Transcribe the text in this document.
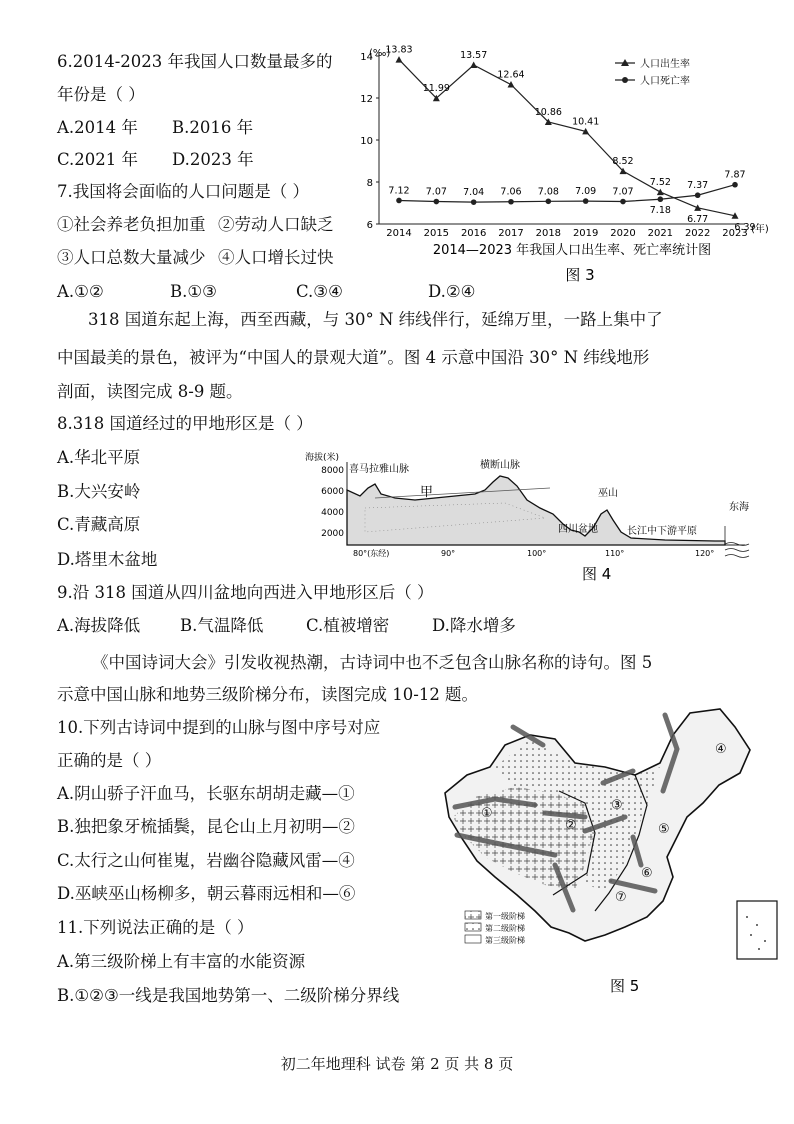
6.2014-2023 年我国人口数量最多的
年份是（ ）
A.2014 年 B.2016 年
C.2021 年 D.2023 年
7.我国将会面临的人口问题是（ ）
①社会养老负担加重 ②劳动人口缺乏
③人口总数大量减少 ④人口增长过快
A.①②	B.①③	C.③④	D.②④
6
8
10
12
14
2014 2015 2016 2017 2018 2019 2020 2021 2022 2023
13.83
11.99
13.57
12.64
10.86
10.41
8.52
7.52
6.77
6.39
7.12 7.07 7.04 7.06 7.08 7.09 7.07
7.18
7.37
7.87
(‰)
(年)
人口出生率
人口死亡率
2014—2023 年我国人口出生率、死亡率统计图
图 3
318 国道东起上海，西至西藏，与 30° N 纬线伴行，延绵万里，一路上集中了
中国最美的景色，被评为“中国人的景观大道”。图 4 示意中国沿 30° N 纬线地形
剖面，读图完成 8-9 题。
8.318 国道经过的甲地形区是（ ）
A.华北平原
B.大兴安岭
C.青藏高原
D.塔里木盆地
海拔(米)
8000
6000
4000
2000
喜马拉雅山脉
甲
横断山脉
巫山
四川盆地	长江中下游平原
东海
80°(东经)	90°	100°	110°	120°
图 4
9.沿 318 国道从四川盆地向西进入甲地形区后（ ）
A.海拔降低 B.气温降低	C.植被增密	D.降水增多
《中国诗词大会》引发收视热潮，古诗词中也不乏包含山脉名称的诗句。图 5
示意中国山脉和地势三级阶梯分布，读图完成 10-12 题。
10.下列古诗词中提到的山脉与图中序号对应
正确的是（ ）
A.阴山骄子汗血马，长驱东胡胡走藏—①
B.独把象牙梳插鬓，昆仑山上月初明—②
C.太行之山何崔嵬，岩幽谷隐藏风雷—④
D.巫峡巫山杨柳多，朝云暮雨远相和—⑥
11.下列说法正确的是（ ）
A.第三级阶梯上有丰富的水能资源
B.①②③一线是我国地势第一、二级阶梯分界线
①
②
③
④
⑤
⑥
⑦
第一级阶梯
第二级阶梯
第三级阶梯
图 5
初二年地理科 试卷 第 2 页 共 8 页
